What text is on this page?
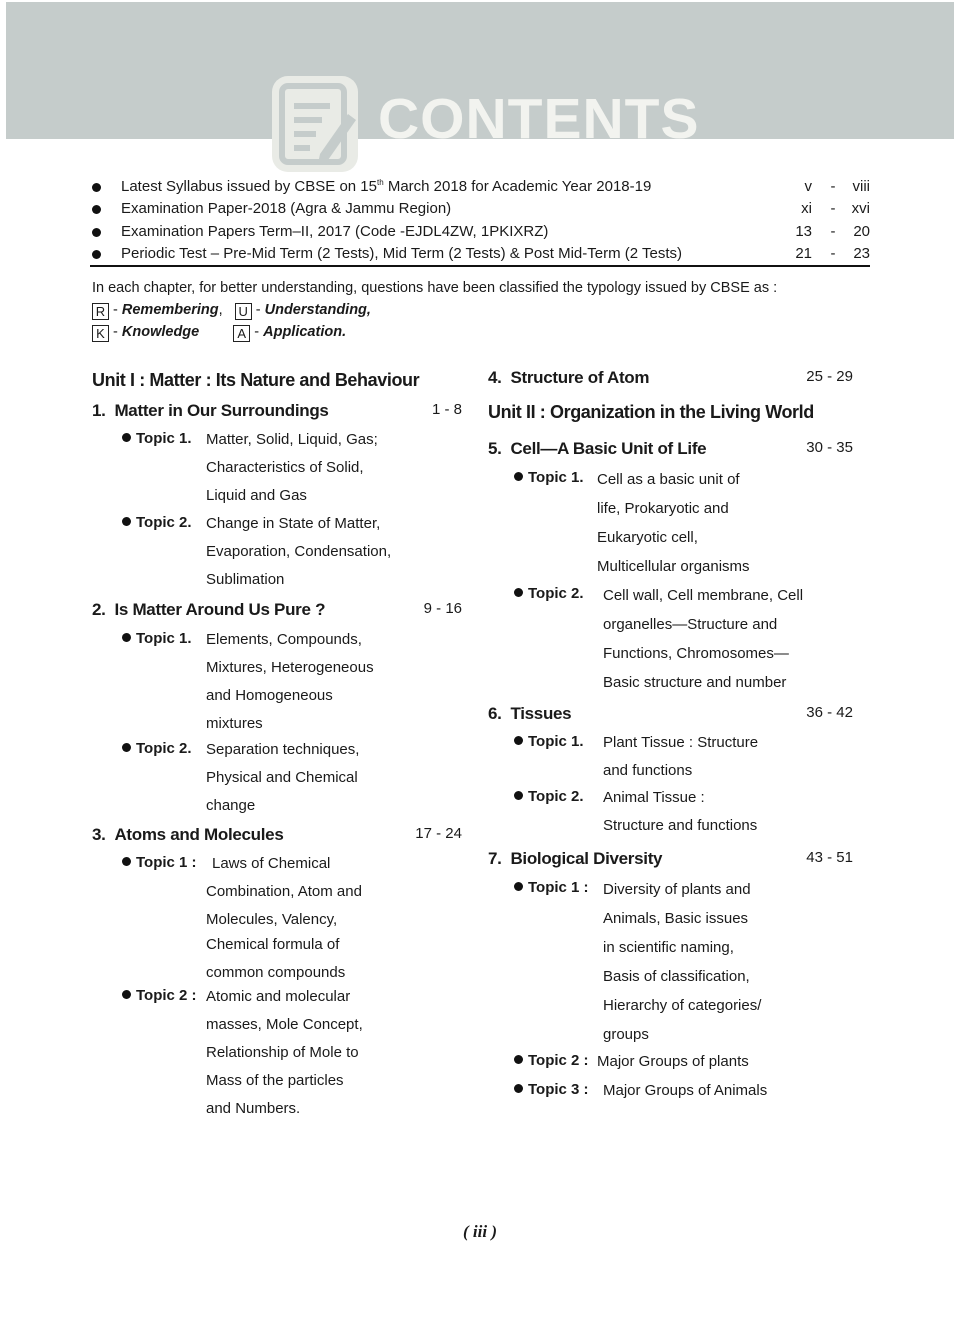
CONTENTS
Latest Syllabus issued by CBSE on 15th March 2018 for Academic Year 2018-19	v -	viii
Examination Paper-2018 (Agra & Jammu Region)	xi -	xvi
Examination Papers Term–II, 2017 (Code -EJDL4ZW, 1PKIXRZ)	13 -	20
Periodic Test – Pre-Mid Term (2 Tests), Mid Term (2 Tests) & Post Mid-Term (2 Tests)	21 -	23
In each chapter, for better understanding, questions have been classified the typology issued by CBSE as :
R - Remembering, U - Understanding,
K - Knowledge	A - Application.
Unit I : Matter : Its Nature and Behaviour
1. Matter in Our Surroundings	1 - 8
Topic 1. Matter, Solid, Liquid, Gas;
Characteristics of Solid,
Liquid and Gas
Topic 2. Change in State of Matter,
Evaporation, Condensation,
Sublimation
2. Is Matter Around Us Pure ?	9 - 16
Topic 1. Elements, Compounds,
Mixtures, Heterogeneous
and Homogeneous
mixtures
Topic 2. Separation techniques,
Physical and Chemical
change
3. Atoms and Molecules	17 - 24
Topic 1 :	Laws of Chemical
Combination, Atom and
Molecules, Valency,
Chemical formula of
common compounds
Topic 2 : Atomic and molecular
masses, Mole Concept,
Relationship of Mole to
Mass of the particles
and Numbers.
4. Structure of Atom	25 - 29
Unit II : Organization in the Living World
5. Cell—A Basic Unit of Life	30 - 35
Topic 1. Cell as a basic unit of
life, Prokaryotic and
Eukaryotic cell,
Multicellular organisms
Topic 2. Cell wall, Cell membrane, Cell
organelles—Structure and
Functions, Chromosomes—
Basic structure and number
6. Tissues	36 - 42
Topic 1. Plant Tissue : Structure
and functions
Topic 2. Animal Tissue :
Structure and functions
7. Biological Diversity	43 - 51
Topic 1 : Diversity of plants and
Animals, Basic issues
in scientific naming,
Basis of classification,
Hierarchy of categories/
groups
Topic 2 : Major Groups of plants
Topic 3 : Major Groups of Animals
( iii )
